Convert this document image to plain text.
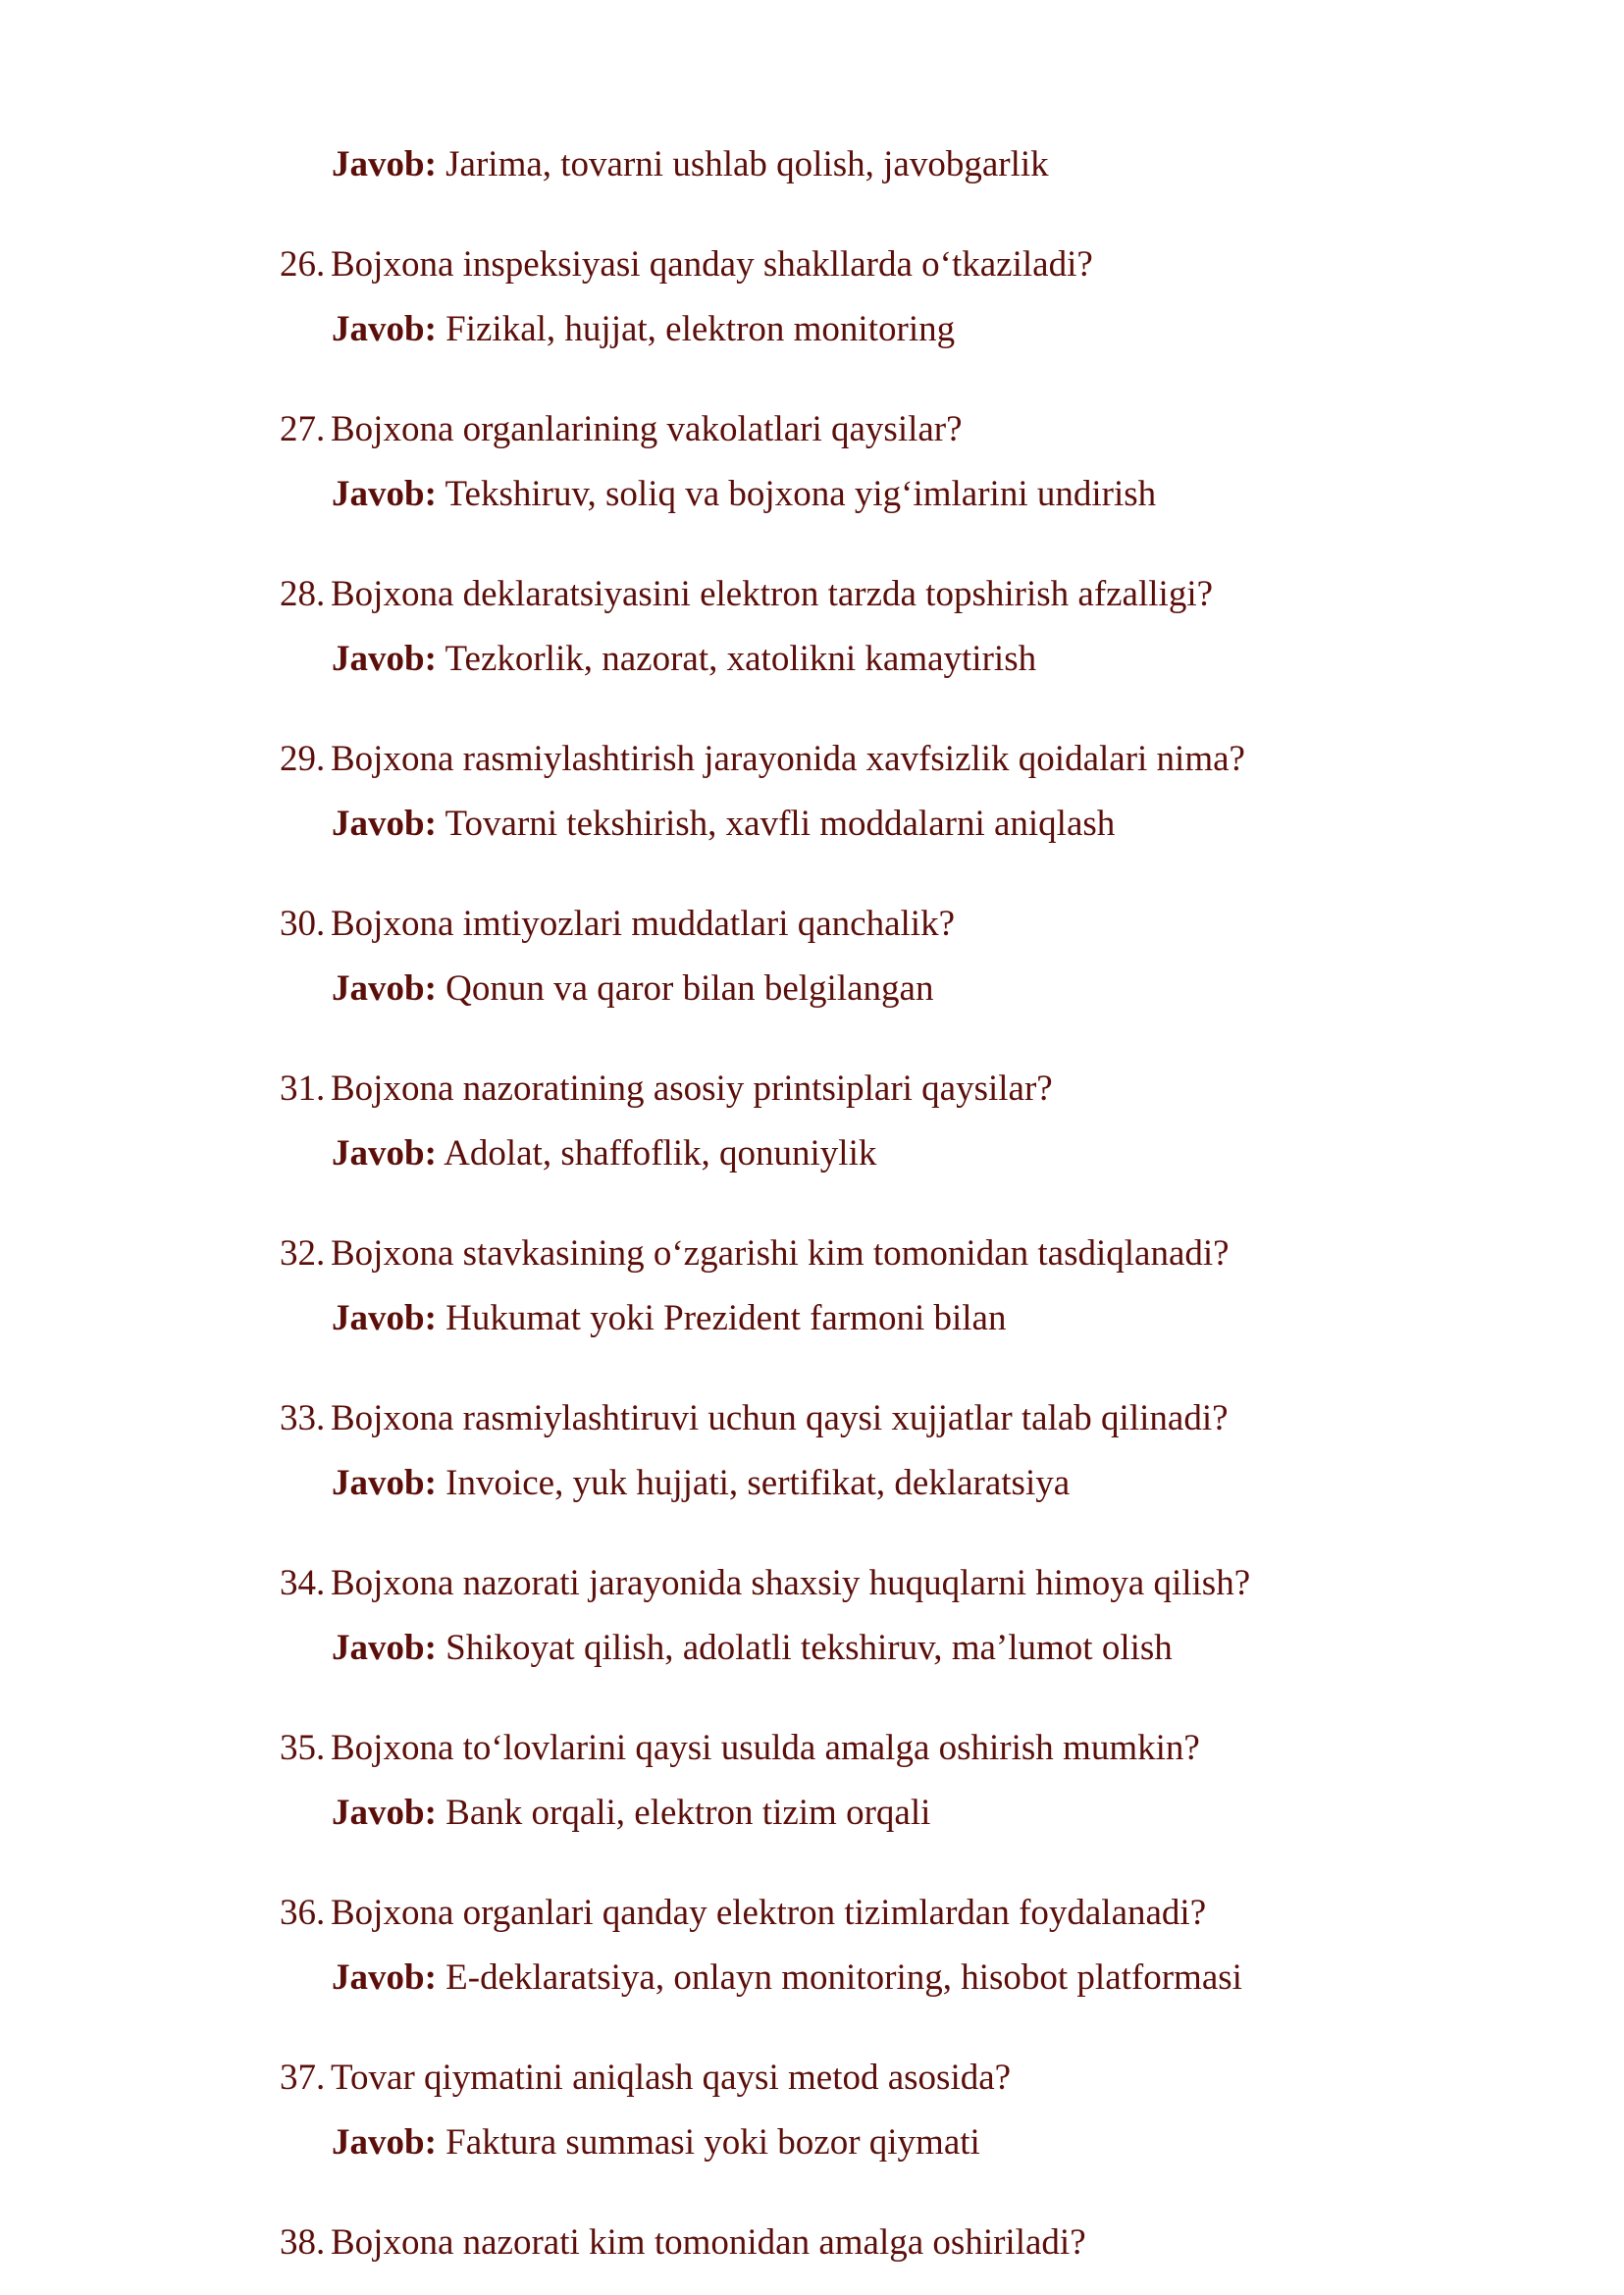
Javob: Jarima, tovarni ushlab qolish, javobgarlik
26. Bojxona inspeksiyasi qanday shakllarda o‘tkaziladi?
Javob: Fizikal, hujjat, elektron monitoring
27. Bojxona organlarining vakolatlari qaysilar?
Javob: Tekshiruv, soliq va bojxona yig‘imlarini undirish
28. Bojxona deklaratsiyasini elektron tarzda topshirish afzalligi?
Javob: Tezkorlik, nazorat, xatolikni kamaytirish
29. Bojxona rasmiylashtirish jarayonida xavfsizlik qoidalari nima?
Javob: Tovarni tekshirish, xavfli moddalarni aniqlash
30. Bojxona imtiyozlari muddatlari qanchalik?
Javob: Qonun va qaror bilan belgilangan
31. Bojxona nazoratining asosiy printsiplari qaysilar?
Javob: Adolat, shaffoflik, qonuniylik
32. Bojxona stavkasining o‘zgarishi kim tomonidan tasdiqlanadi?
Javob: Hukumat yoki Prezident farmoni bilan
33. Bojxona rasmiylashtiruvi uchun qaysi xujjatlar talab qilinadi?
Javob: Invoice, yuk hujjati, sertifikat, deklaratsiya
34. Bojxona nazorati jarayonida shaxsiy huquqlarni himoya qilish?
Javob: Shikoyat qilish, adolatli tekshiruv, ma’lumot olish
35. Bojxona to‘lovlarini qaysi usulda amalga oshirish mumkin?
Javob: Bank orqali, elektron tizim orqali
36. Bojxona organlari qanday elektron tizimlardan foydalanadi?
Javob: E-deklaratsiya, onlayn monitoring, hisobot platformasi
37. Tovar qiymatini aniqlash qaysi metod asosida?
Javob: Faktura summasi yoki bozor qiymati
38. Bojxona nazorati kim tomonidan amalga oshiriladi?
